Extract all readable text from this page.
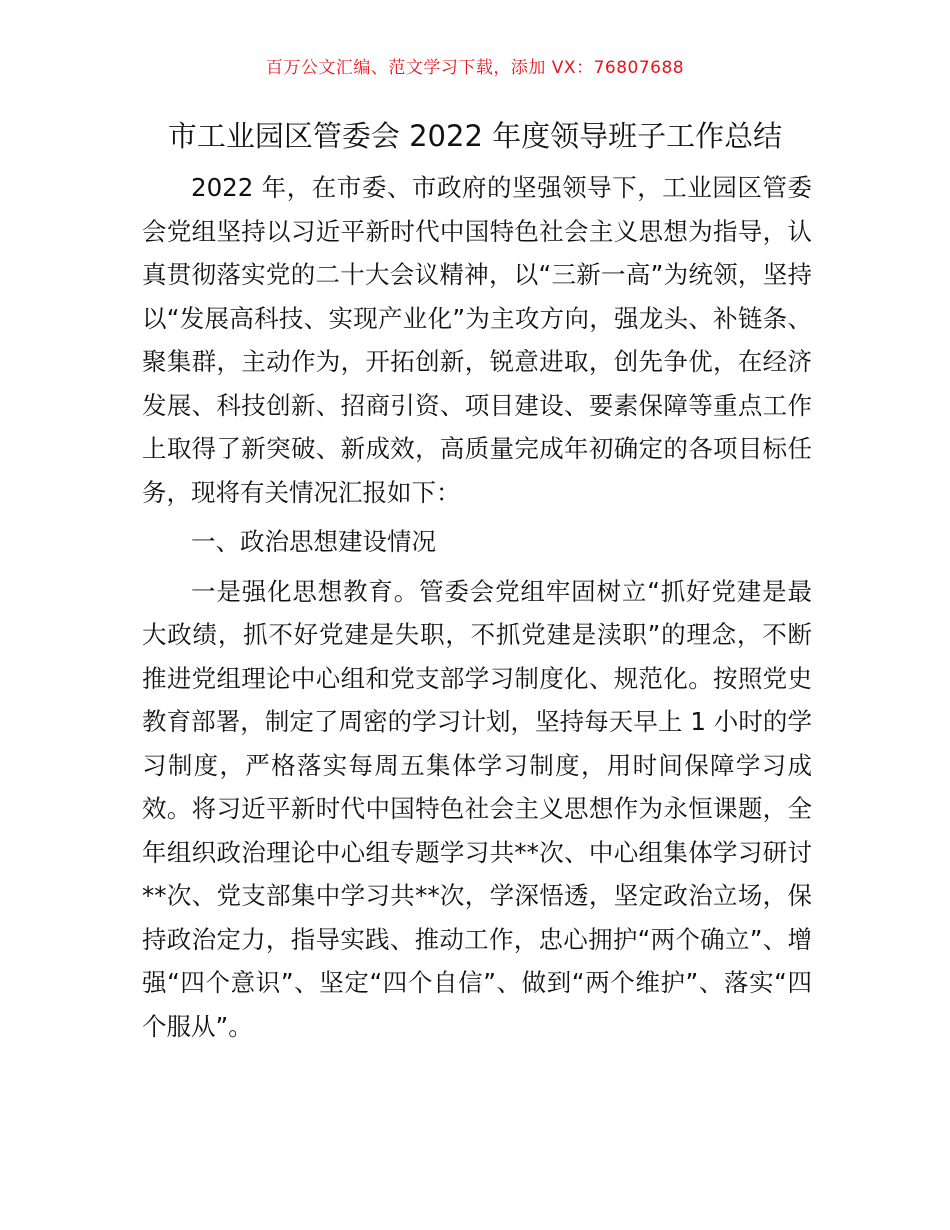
百万公文汇编、范文学习下载，添加 VX：76807688
市工业园区管委会 2022 年度领导班子工作总结

2022 年，在市委、市政府的坚强领导下，工业园区管委会党组坚持以习近平新时代中国特色社会主义思想为指导，认真贯彻落实党的二十大会议精神，以“三新一高”为统领，坚持以“发展高科技、实现产业化”为主攻方向，强龙头、补链条、聚集群，主动作为，开拓创新，锐意进取，创先争优，在经济发展、科技创新、招商引资、项目建设、要素保障等重点工作上取得了新突破、新成效，高质量完成年初确定的各项目标任务，现将有关情况汇报如下：

一、政治思想建设情况

一是强化思想教育。管委会党组牢固树立“抓好党建是最大政绩，抓不好党建是失职，不抓党建是渎职”的理念，不断推进党组理论中心组和党支部学习制度化、规范化。按照党史教育部署，制定了周密的学习计划，坚持每天早上 1 小时的学习制度，严格落实每周五集体学习制度，用时间保障学习成效。将习近平新时代中国特色社会主义思想作为永恒课题，全年组织政治理论中心组专题学习共**次、中心组集体学习研讨**次、党支部集中学习共**次，学深悟透，坚定政治立场，保持政治定力，指导实践、推动工作，忠心拥护“两个确立”、增强“四个意识”、坚定“四个自信”、做到“两个维护”、落实“四个服从”。
